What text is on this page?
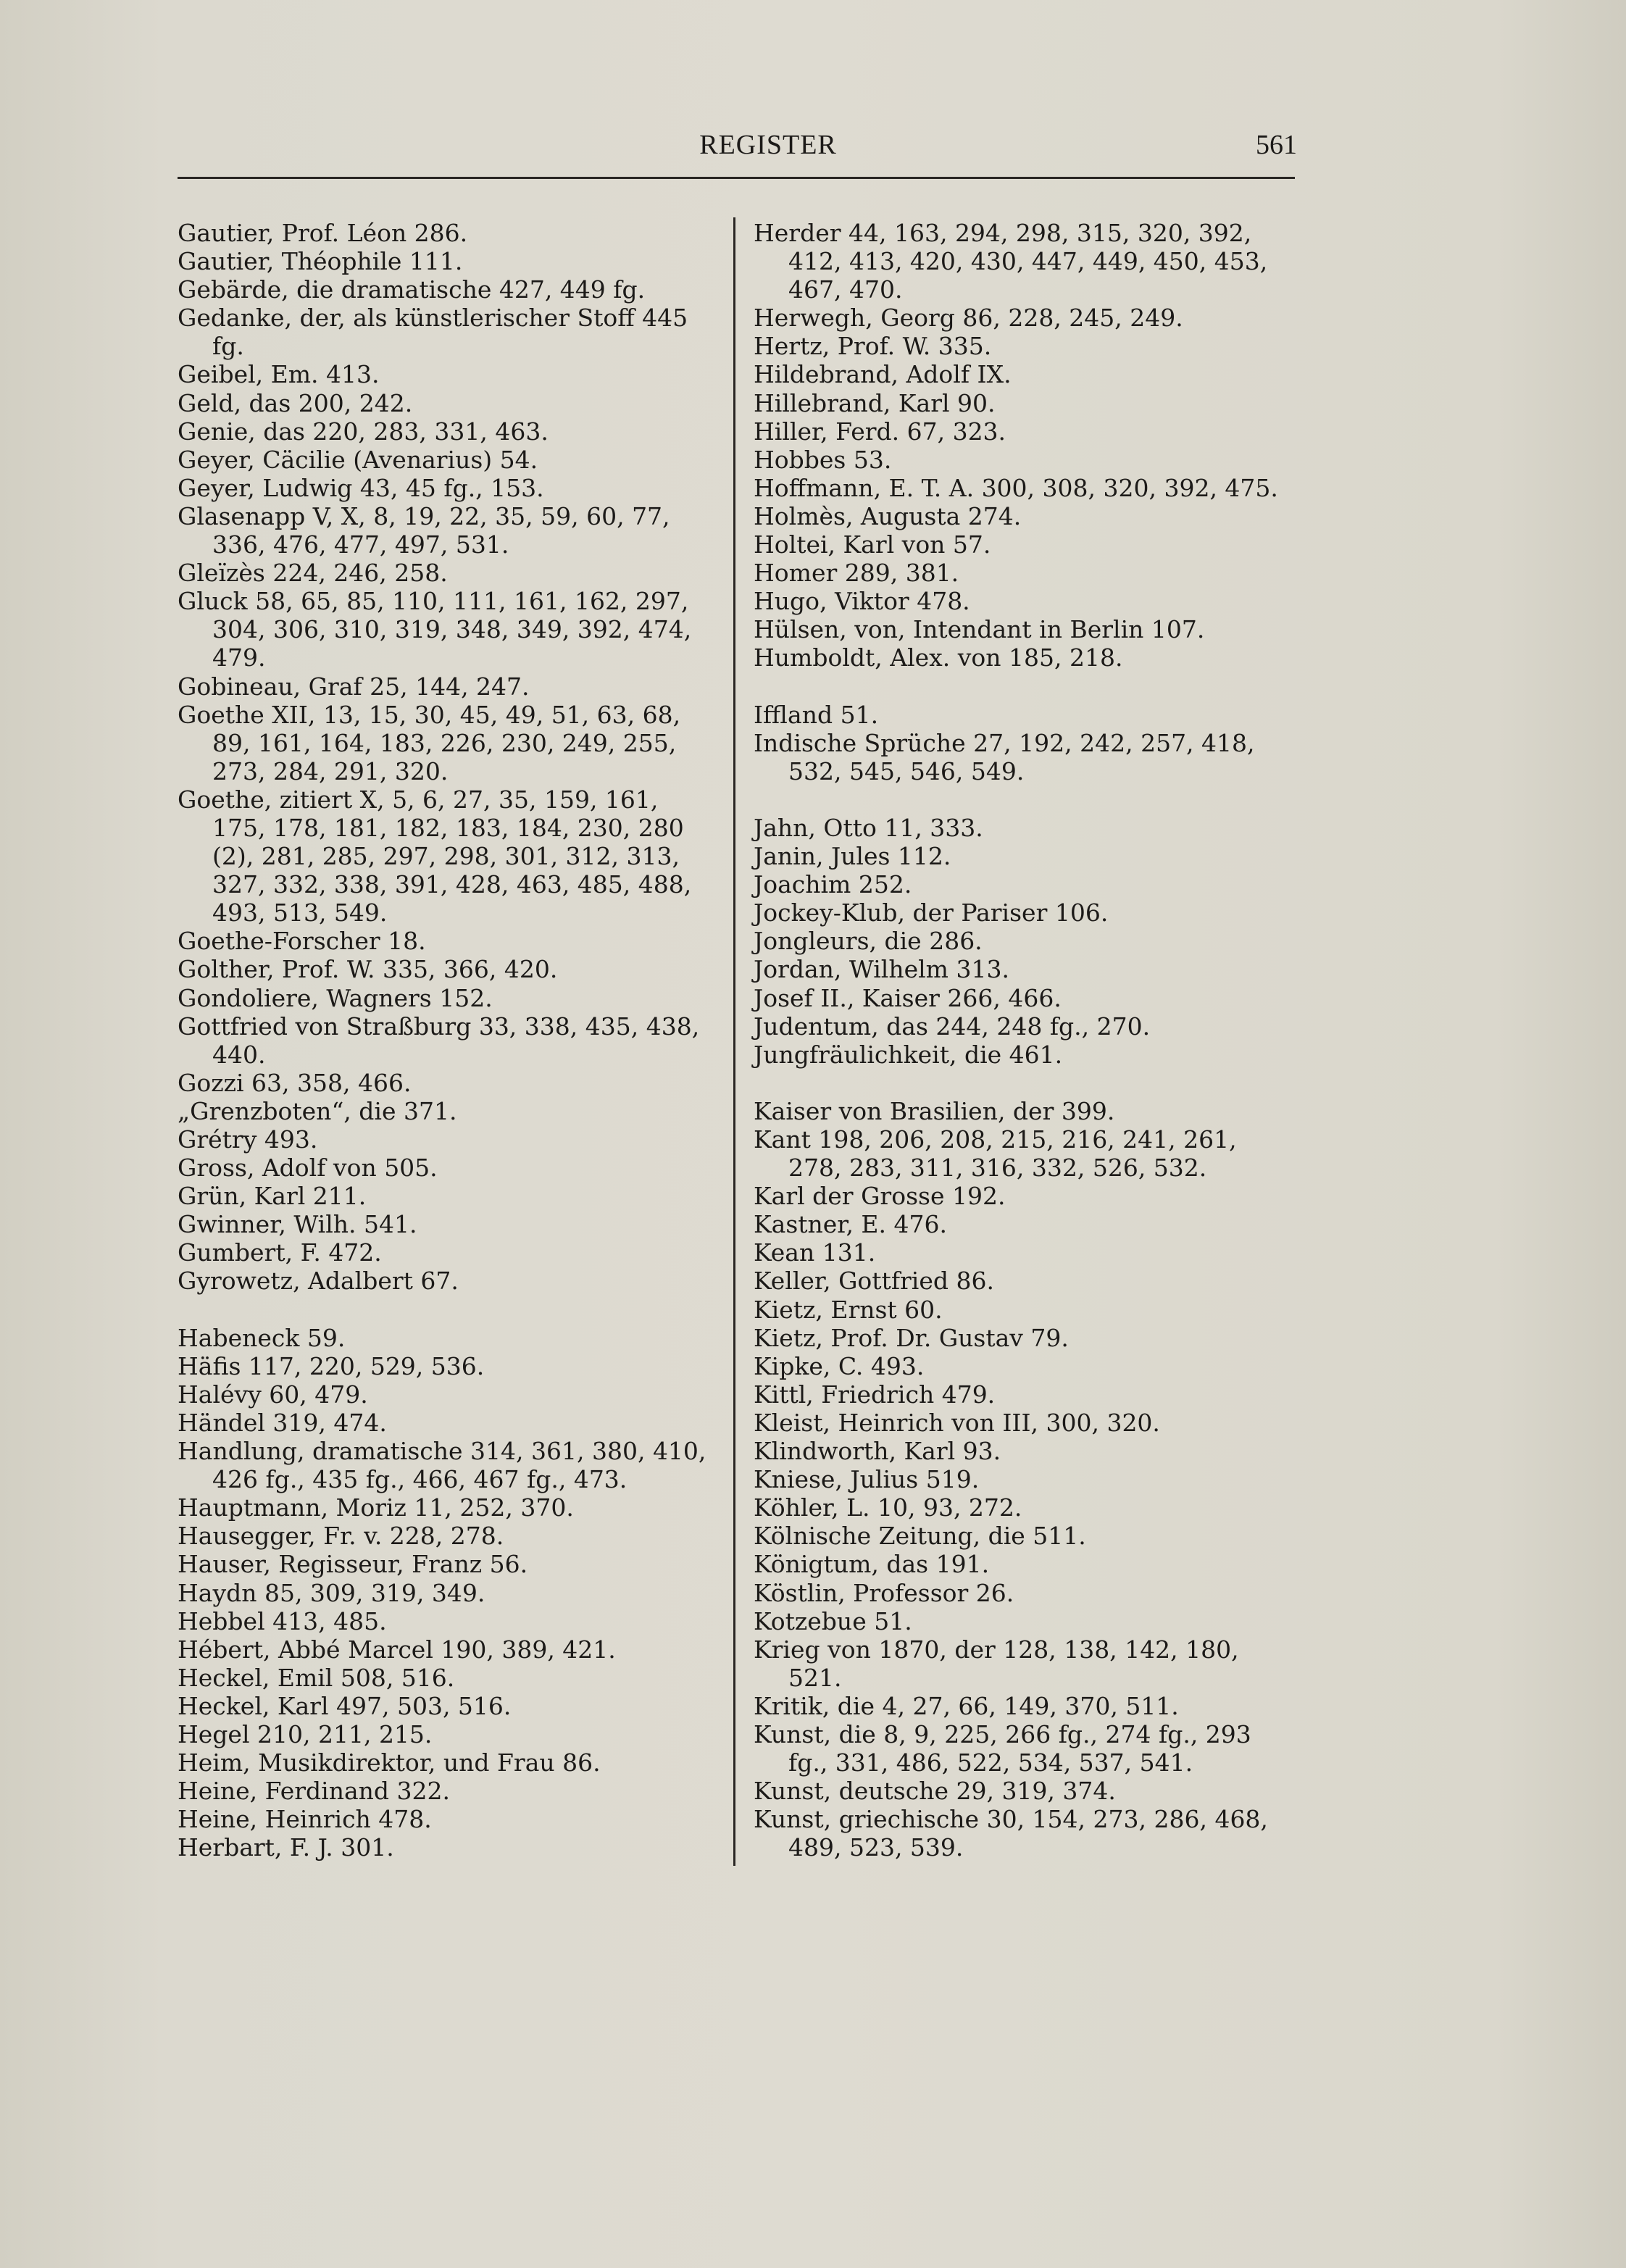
REGISTER	561

Gautier, Prof. Léon 286.

Gautier, Théophile 111.

Gebärde, die dramatische 427, 449 fg.

Gedanke, der, als künstlerischer Stoff 445 fg.

Geibel, Em. 413.

Geld, das 200, 242.

Genie, das 220, 283, 331, 463.

Geyer, Cäcilie (Avenarius) 54.

Geyer, Ludwig 43, 45 fg., 153.

Glasenapp V, X, 8, 19, 22, 35, 59, 60, 77, 336, 476, 477, 497, 531.

Gleïzès 224, 246, 258.

Gluck 58, 65, 85, 110, 111, 161, 162, 297, 304, 306, 310, 319, 348, 349, 392, 474, 479.

Gobineau, Graf 25, 144, 247.

Goethe XII, 13, 15, 30, 45, 49, 51, 63, 68, 89, 161, 164, 183, 226, 230, 249, 255, 273, 284, 291, 320.

Goethe, zitiert X, 5, 6, 27, 35, 159, 161, 175, 178, 181, 182, 183, 184, 230, 280 (2), 281, 285, 297, 298, 301, 312, 313, 327, 332, 338, 391, 428, 463, 485, 488, 493, 513, 549.

Goethe-Forscher 18.

Golther, Prof. W. 335, 366, 420.

Gondoliere, Wagners 152.

Gottfried von Straßburg 33, 338, 435, 438, 440.

Gozzi 63, 358, 466.

„Grenzboten“, die 371.

Grétry 493.

Gross, Adolf von 505.

Grün, Karl 211.

Gwinner, Wilh. 541.

Gumbert, F. 472.

Gyrowetz, Adalbert 67.

Habeneck 59.

Häfis 117, 220, 529, 536.

Halévy 60, 479.

Händel 319, 474.

Handlung, dramatische 314, 361, 380, 410, 426 fg., 435 fg., 466, 467 fg., 473.

Hauptmann, Moriz 11, 252, 370.

Hausegger, Fr. v. 228, 278.

Hauser, Regisseur, Franz 56.

Haydn 85, 309, 319, 349.

Hebbel 413, 485.

Hébert, Abbé Marcel 190, 389, 421.

Heckel, Emil 508, 516.

Heckel, Karl 497, 503, 516.

Hegel 210, 211, 215.

Heim, Musikdirektor, und Frau 86.

Heine, Ferdinand 322.

Heine, Heinrich 478.

Herbart, F. J. 301.

Herder 44, 163, 294, 298, 315, 320, 392, 412, 413, 420, 430, 447, 449, 450, 453, 467, 470.

Herwegh, Georg 86, 228, 245, 249.

Hertz, Prof. W. 335.

Hildebrand, Adolf IX.

Hillebrand, Karl 90.

Hiller, Ferd. 67, 323.

Hobbes 53.

Hoffmann, E. T. A. 300, 308, 320, 392, 475.

Holmès, Augusta 274.

Holtei, Karl von 57.

Homer 289, 381.

Hugo, Viktor 478.

Hülsen, von, Intendant in Berlin 107.

Humboldt, Alex. von 185, 218.

Iffland 51.

Indische Sprüche 27, 192, 242, 257, 418, 532, 545, 546, 549.

Jahn, Otto 11, 333.

Janin, Jules 112.

Joachim 252.

Jockey-Klub, der Pariser 106.

Jongleurs, die 286.

Jordan, Wilhelm 313.

Josef II., Kaiser 266, 466.

Judentum, das 244, 248 fg., 270.

Jungfräulichkeit, die 461.

Kaiser von Brasilien, der 399.

Kant 198, 206, 208, 215, 216, 241, 261, 278, 283, 311, 316, 332, 526, 532.

Karl der Grosse 192.

Kastner, E. 476.

Kean 131.

Keller, Gottfried 86.

Kietz, Ernst 60.

Kietz, Prof. Dr. Gustav 79.

Kipke, C. 493.

Kittl, Friedrich 479.

Kleist, Heinrich von III, 300, 320.

Klindworth, Karl 93.

Kniese, Julius 519.

Köhler, L. 10, 93, 272.

Kölnische Zeitung, die 511.

Königtum, das 191.

Köstlin, Professor 26.

Kotzebue 51.

Krieg von 1870, der 128, 138, 142, 180, 521.

Kritik, die 4, 27, 66, 149, 370, 511.

Kunst, die 8, 9, 225, 266 fg., 274 fg., 293 fg., 331, 486, 522, 534, 537, 541.

Kunst, deutsche 29, 319, 374.

Kunst, griechische 30, 154, 273, 286, 468, 489, 523, 539.
